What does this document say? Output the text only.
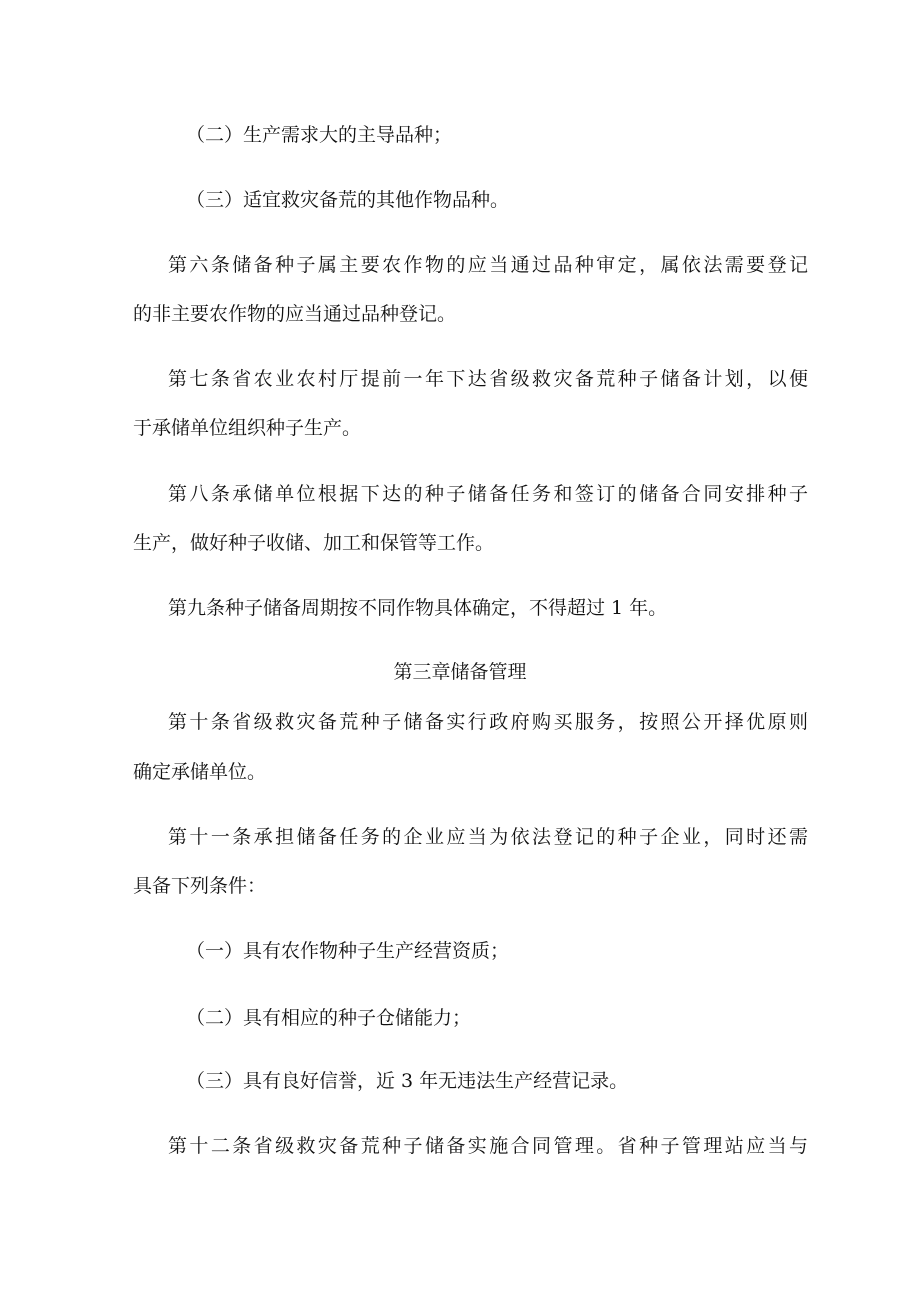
（二）生产需求大的主导品种；
（三）适宜救灾备荒的其他作物品种。
第六条储备种子属主要农作物的应当通过品种审定，属依法需要登记
的非主要农作物的应当通过品种登记。
第七条省农业农村厅提前一年下达省级救灾备荒种子储备计划，以便
于承储单位组织种子生产。
第八条承储单位根据下达的种子储备任务和签订的储备合同安排种子
生产，做好种子收储、加工和保管等工作。
第九条种子储备周期按不同作物具体确定，不得超过 1 年。
第三章储备管理
第十条省级救灾备荒种子储备实行政府购买服务，按照公开择优原则
确定承储单位。
第十一条承担储备任务的企业应当为依法登记的种子企业，同时还需
具备下列条件：
（一）具有农作物种子生产经营资质；
（二）具有相应的种子仓储能力；
（三）具有良好信誉，近 3 年无违法生产经营记录。
第十二条省级救灾备荒种子储备实施合同管理。省种子管理站应当与
